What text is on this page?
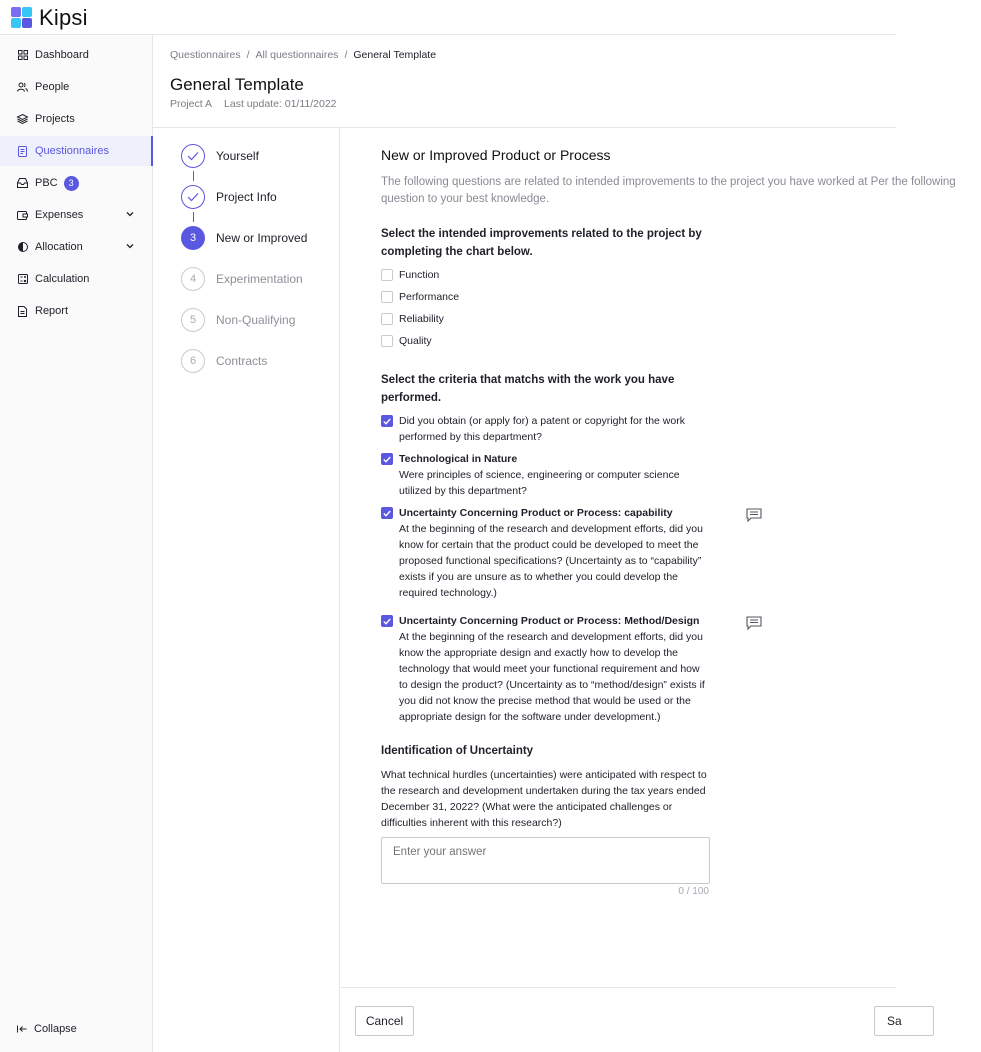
Kipsi
Dashboard
People
Projects
Questionnaires
PBC	3
Expenses
Allocation
Calculation
Report
Collapse
Questionnaires / All questionnaires / General Template
General Template
Project A Last update: 01/11/2022
Yourself
Project Info
3	New or Improved
4	Experimentation
5	Non-Qualifying
6	Contracts
New or Improved Product or Process

The following questions are related to intended improvements to the project you have worked at Per the following question to your best knowledge.

Select the intended improvements related to the project by completing the chart below.
Function
Performance
Reliability
Quality
Select the criteria that matchs with the work you have performed.
Did you obtain (or apply for) a patent or copyright for the work performed by this department?
Technological in Nature
Were principles of science, engineering or computer science utilized by this department?
Uncertainty Concerning Product or Process: capability
At the beginning of the research and development efforts, did you know for certain that the product could be developed to meet the proposed functional specifications? (Uncertainty as to “capability” exists if you are unsure as to whether you could develop the required technology.)
Uncertainty Concerning Product or Process: Method/Design
At the beginning of the research and development efforts, did you know the appropriate design and exactly how to develop the technology that would meet your functional requirement and how to design the product? (Uncertainty as to “method/design” exists if you did not know the precise method that would be used or the appropriate design for the software under development.)
Identification of Uncertainty

What technical hurdles (uncertainties) were anticipated with respect to the research and development undertaken during the tax years ended December 31, 2022? (What were the anticipated challenges or difficulties inherent with this research?)

Enter your answer
0 / 100
Cancel	Sa
